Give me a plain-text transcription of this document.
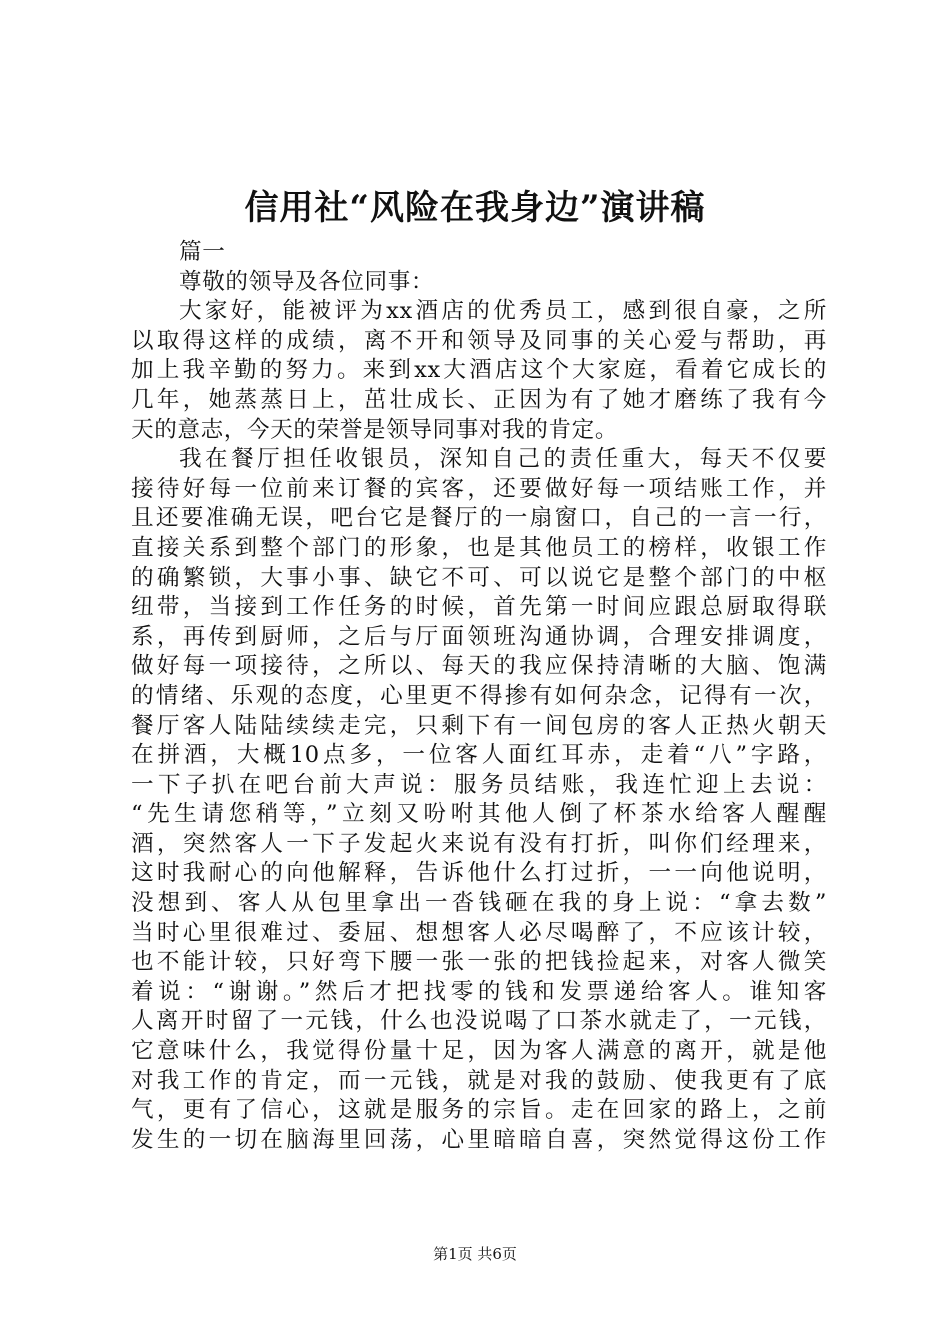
信用社“风险在我身边”演讲稿
篇一
尊敬的领导及各位同事：
大家好，能被评为xx酒店的优秀员工，感到很自豪，之所
以取得这样的成绩，离不开和领导及同事的关心爱与帮助，再
加上我辛勤的努力。来到xx大酒店这个大家庭，看着它成长的
几年，她蒸蒸日上，茁壮成长、正因为有了她才磨练了我有今
天的意志，今天的荣誉是领导同事对我的肯定。
我在餐厅担任收银员，深知自己的责任重大，每天不仅要
接待好每一位前来订餐的宾客，还要做好每一项结账工作，并
且还要准确无误，吧台它是餐厅的一扇窗口，自己的一言一行，
直接关系到整个部门的形象，也是其他员工的榜样，收银工作
的确繁锁，大事小事、缺它不可、可以说它是整个部门的中枢
纽带，当接到工作任务的时候，首先第一时间应跟总厨取得联
系，再传到厨师，之后与厅面领班沟通协调，合理安排调度，
做好每一项接待，之所以、每天的我应保持清晰的大脑、饱满
的情绪、乐观的态度，心里更不得掺有如何杂念，记得有一次，
餐厅客人陆陆续续走完，只剩下有一间包房的客人正热火朝天
在拼酒，大概10点多，一位客人面红耳赤，走着“八”字路，
一下子扒在吧台前大声说：服务员结账，我连忙迎上去说：
“先生请您稍等，”立刻又吩咐其他人倒了杯茶水给客人醒醒
酒，突然客人一下子发起火来说有没有打折，叫你们经理来，
这时我耐心的向他解释，告诉他什么打过折，一一向他说明，
没想到、客人从包里拿出一沓钱砸在我的身上说：“拿去数”
当时心里很难过、委屈、想想客人必尽喝醉了，不应该计较，
也不能计较，只好弯下腰一张一张的把钱捡起来，对客人微笑
着说：“谢谢。”然后才把找零的钱和发票递给客人。谁知客
人离开时留了一元钱，什么也没说喝了口茶水就走了，一元钱，
它意味什么，我觉得份量十足，因为客人满意的离开，就是他
对我工作的肯定，而一元钱，就是对我的鼓励、使我更有了底
气，更有了信心，这就是服务的宗旨。走在回家的路上，之前
发生的一切在脑海里回荡，心里暗暗自喜，突然觉得这份工作
第1页 共6页
